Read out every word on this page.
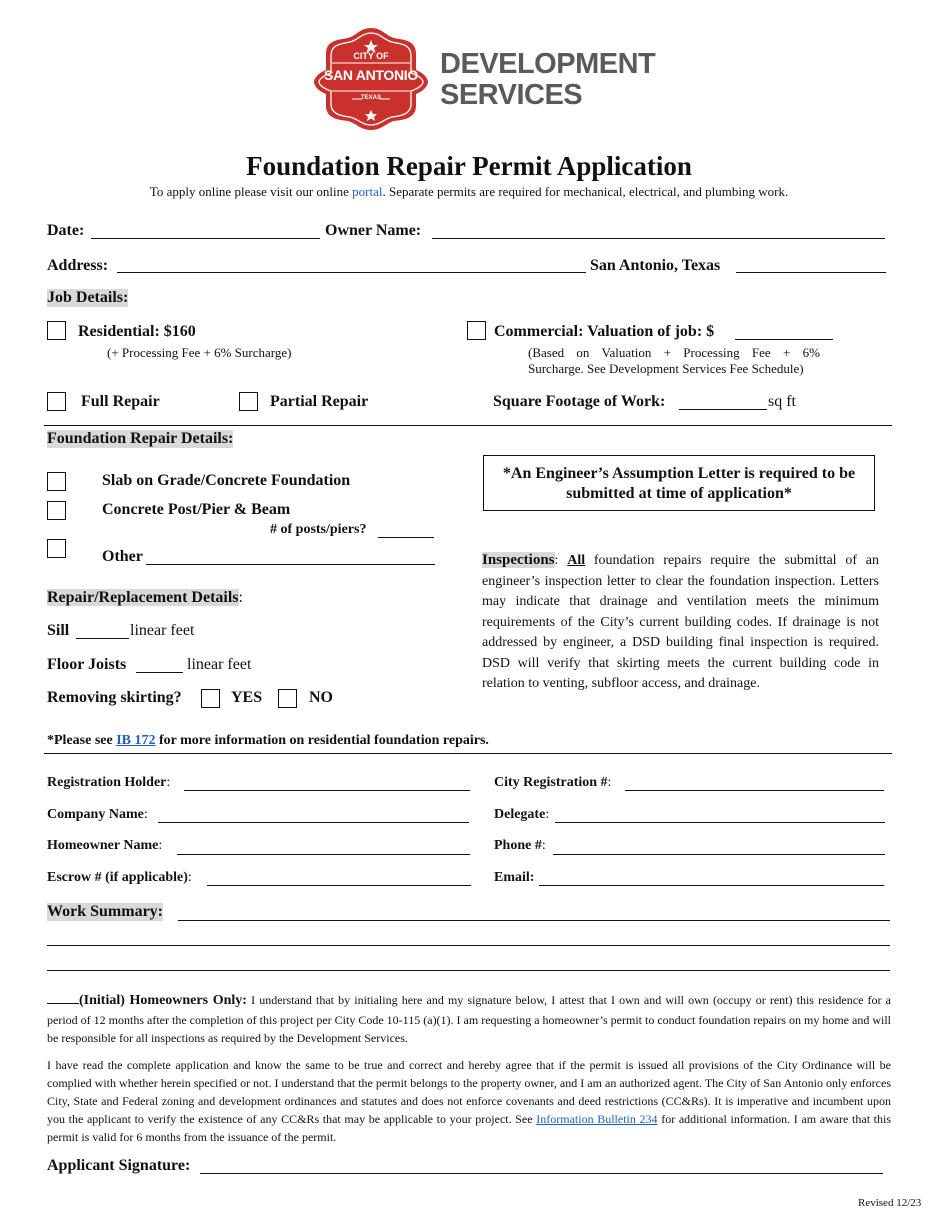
CITY OF
SAN ANTONIO
TEXAS
DEVELOPMENT
SERVICES
Foundation Repair Permit Application
To apply online please visit our online portal. Separate permits are required for mechanical, electrical, and plumbing work.
Date:	Owner Name:
Address:	San Antonio, Texas
Job Details:
Residential: $160
(+ Processing Fee + 6% Surcharge)
Commercial: Valuation of job: $
(Based on Valuation + Processing Fee + 6%
Surcharge. See Development Services Fee Schedule)
Full Repair	Partial Repair	Square Footage of Work:	sq ft
Foundation Repair Details:
Slab on Grade/Concrete Foundation
Concrete Post/Pier & Beam
# of posts/piers?
Other
*An Engineer’s Assumption Letter is required to be submitted at time of application*
Repair/Replacement Details:
Sill	linear feet
Floor Joists	linear feet
Removing skirting?	YES	NO
Inspections: All foundation repairs require the submittal of an engineer’s inspection letter to clear the foundation inspection. Letters may indicate that drainage and ventilation meets the minimum requirements of the City’s current building codes. If drainage is not addressed by engineer, a DSD building final inspection is required. DSD will verify that skirting meets the current building code in relation to venting, subfloor access, and drainage.
*Please see IB 172 for more information on residential foundation repairs.
Registration Holder:	City Registration #:
Company Name:	Delegate:
Homeowner Name:	Phone #:
Escrow # (if applicable):	Email:
Work Summary:
(Initial) Homeowners Only: I understand that by initialing here and my signature below, I attest that I own and will own (occupy or rent) this residence for a period of 12 months after the completion of this project per City Code 10-115 (a)(1). I am requesting a homeowner’s permit to conduct foundation repairs on my home and will be responsible for all inspections as required by the Development Services.
I have read the complete application and know the same to be true and correct and hereby agree that if the permit is issued all provisions of the City Ordinance will be complied with whether herein specified or not. I understand that the permit belongs to the property owner, and I am an authorized agent. The City of San Antonio only enforces City, State and Federal zoning and development ordinances and statutes and does not enforce covenants and deed restrictions (CC&Rs). It is imperative and incumbent upon you the applicant to verify the existence of any CC&Rs that may be applicable to your project. See Information Bulletin 234 for additional information. I am aware that this permit is valid for 6 months from the issuance of the permit.
Applicant Signature:
Revised 12/23
